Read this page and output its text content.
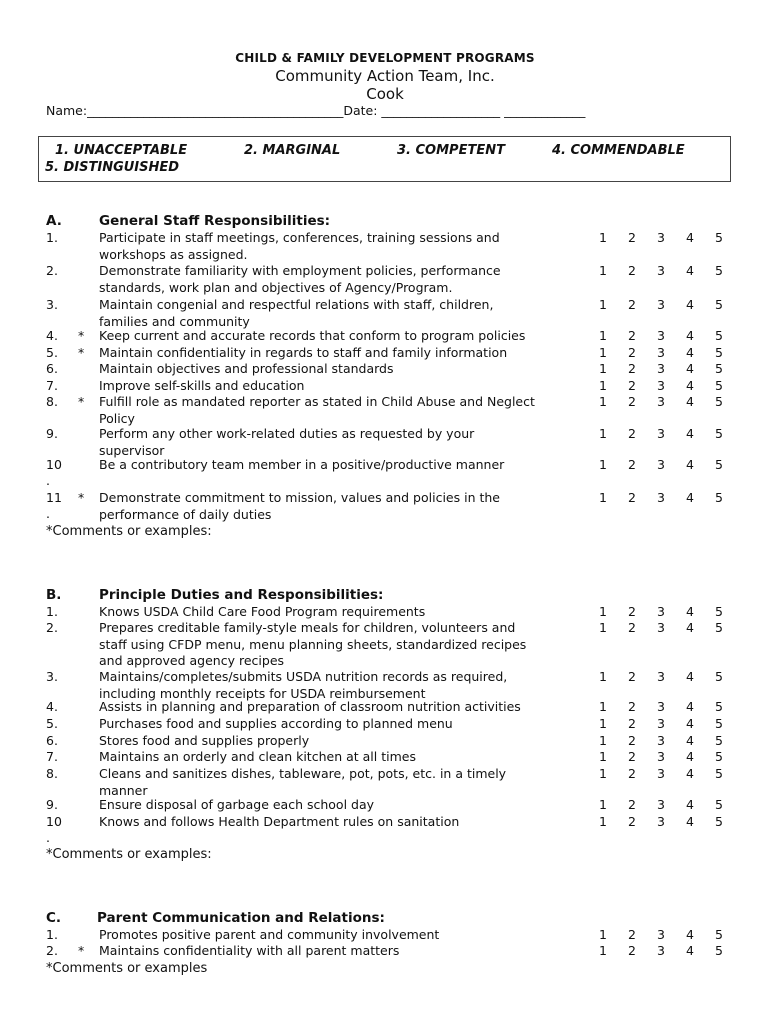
CHILD & FAMILY DEVELOPMENT PROGRAMS
Community Action Team, Inc.
Cook
Name:_________________________________________Date: ___________________ _____________
1. UNACCEPTABLE	2. MARGINAL	3. COMPETENT	4. COMMENDABLE
5. DISTINGUISHED
A.	General Staff Responsibilities:
1.	Participate in staff meetings, conferences, training sessions and
workshops as assigned.
1 2 3 4 5
2.	Demonstrate familiarity with employment policies, performance
standards, work plan and objectives of Agency/Program.
1 2 3 4 5
3.	Maintain congenial and respectful relations with staff, children,
families and community
1 2 3 4 5
4. * Keep current and accurate records that conform to program policies	1 2 3 4 5
5. * Maintain confidentiality in regards to staff and family information	1 2 3 4 5
6.	Maintain objectives and professional standards	1 2 3 4 5
7.	Improve self-skills and education	1 2 3 4 5
8. * Fulfill role as mandated reporter as stated in Child Abuse and Neglect
Policy
1 2 3 4 5
9.	Perform any other work-related duties as requested by your
supervisor
1 2 3 4 5
10
.
Be a contributory team member in a positive/productive manner	1 2 3 4 5
11
.
* Demonstrate commitment to mission, values and policies in the
performance of daily duties
1 2 3 4 5
*Comments or examples:
B.	Principle Duties and Responsibilities:
1.	Knows USDA Child Care Food Program requirements	1 2 3 4 5
2.	Prepares creditable family-style meals for children, volunteers and
staff using CFDP menu, menu planning sheets, standardized recipes
and approved agency recipes
1 2 3 4 5
3.	Maintains/completes/submits USDA nutrition records as required,
including monthly receipts for USDA reimbursement
1 2 3 4 5
4.	Assists in planning and preparation of classroom nutrition activities	1 2 3 4 5
5.	Purchases food and supplies according to planned menu	1 2 3 4 5
6.	Stores food and supplies properly	1 2 3 4 5
7.	Maintains an orderly and clean kitchen at all times	1 2 3 4 5
8.	Cleans and sanitizes dishes, tableware, pot, pots, etc. in a timely
manner
1 2 3 4 5
9.	Ensure disposal of garbage each school day	1 2 3 4 5
10
.
Knows and follows Health Department rules on sanitation	1 2 3 4 5
*Comments or examples:
C.	Parent Communication and Relations:
1.	Promotes positive parent and community involvement	1 2 3 4 5
2. * Maintains confidentiality with all parent matters	1 2 3 4 5
*Comments or examples
